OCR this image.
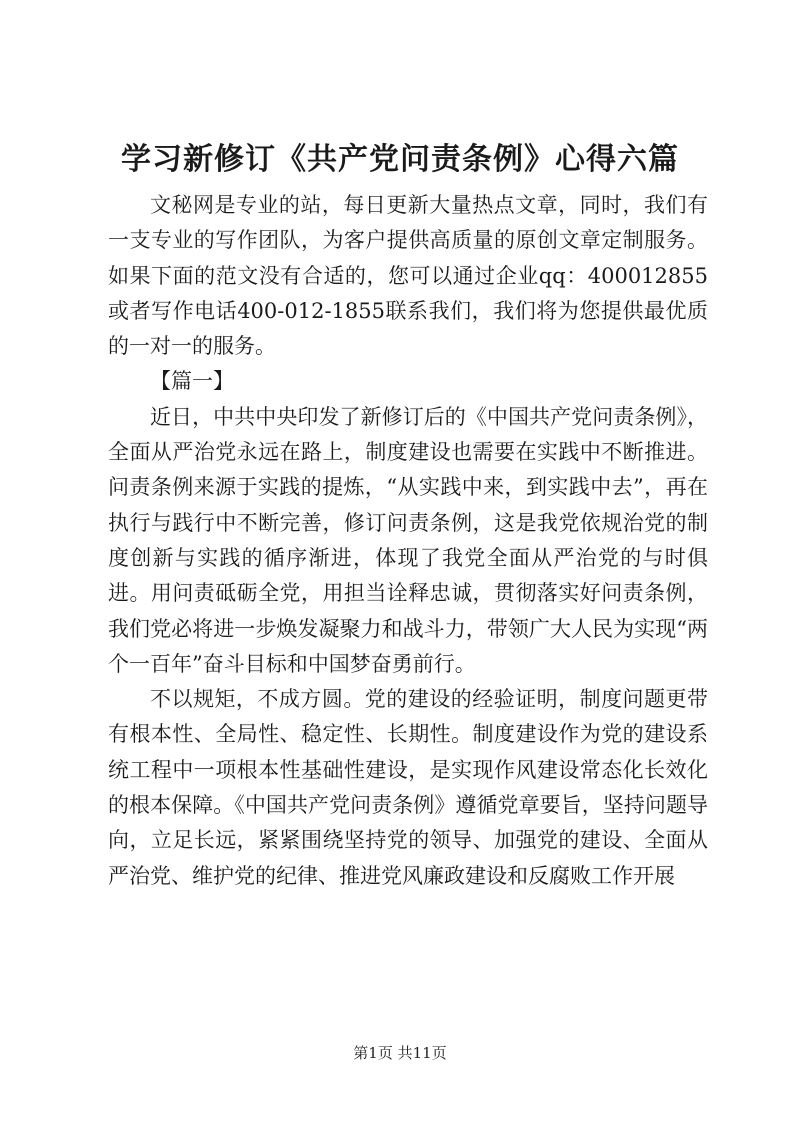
学习新修订《共产党问责条例》心得六篇

文秘网是专业的站，每日更新大量热点文章，同时，我们有一支专业的写作团队，为客户提供高质量的原创文章定制服务。如果下面的范文没有合适的，您可以通过企业qq：400012855或者写作电话400-012-1855联系我们，我们将为您提供最优质的一对一的服务。

【篇一】

近日，中共中央印发了新修订后的《中国共产党问责条例》，全面从严治党永远在路上，制度建设也需要在实践中不断推进。问责条例来源于实践的提炼，“从实践中来，到实践中去”，再在执行与践行中不断完善，修订问责条例，这是我党依规治党的制度创新与实践的循序渐进，体现了我党全面从严治党的与时俱进。用问责砥砺全党，用担当诠释忠诚，贯彻落实好问责条例，我们党必将进一步焕发凝聚力和战斗力，带领广大人民为实现“两个一百年”奋斗目标和中国梦奋勇前行。

不以规矩，不成方圆。党的建设的经验证明，制度问题更带有根本性、全局性、稳定性、长期性。制度建设作为党的建设系统工程中一项根本性基础性建设，是实现作风建设常态化长效化的根本保障。《中国共产党问责条例》遵循党章要旨，坚持问题导向，立足长远，紧紧围绕坚持党的领导、加强党的建设、全面从严治党、维护党的纪律、推进党风廉政建设和反腐败工作开展

第1页 共11页
